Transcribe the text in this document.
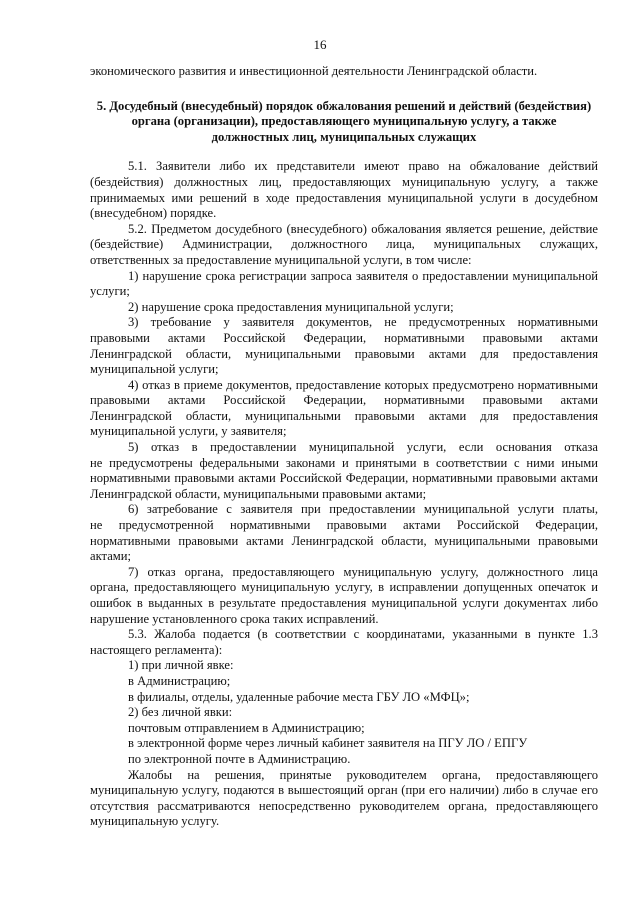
16
экономического развития и инвестиционной деятельности Ленинградской области.
5. Досудебный (внесудебный) порядок обжалования решений и действий (бездействия)
органа (организации), предоставляющего муниципальную услугу, а также
должностных лиц, муниципальных служащих
5.1. Заявители либо их представители имеют право на обжалование действий
(бездействия) должностных лиц, предоставляющих муниципальную услугу, а также
принимаемых ими решений в ходе предоставления муниципальной услуги в досудебном
(внесудебном) порядке.
5.2. Предметом досудебного (внесудебного) обжалования является решение, действие
(бездействие) Администрации, должностного лица, муниципальных служащих,
ответственных за предоставление муниципальной услуги, в том числе:
1) нарушение срока регистрации запроса заявителя о предоставлении муниципальной
услуги;
2) нарушение срока предоставления муниципальной услуги;
3) требование у заявителя документов, не предусмотренных нормативными
правовыми актами Российской Федерации, нормативными правовыми актами
Ленинградской области, муниципальными правовыми актами для предоставления
муниципальной услуги;
4) отказ в приеме документов, предоставление которых предусмотрено нормативными
правовыми актами Российской Федерации, нормативными правовыми актами
Ленинградской области, муниципальными правовыми актами для предоставления
муниципальной услуги, у заявителя;
5) отказ в предоставлении муниципальной услуги, если основания отказа
не предусмотрены федеральными законами и принятыми в соответствии с ними иными
нормативными правовыми актами Российской Федерации, нормативными правовыми актами
Ленинградской области, муниципальными правовыми актами;
6) затребование с заявителя при предоставлении муниципальной услуги платы,
не предусмотренной нормативными правовыми актами Российской Федерации,
нормативными правовыми актами Ленинградской области, муниципальными правовыми
актами;
7) отказ органа, предоставляющего муниципальную услугу, должностного лица
органа, предоставляющего муниципальную услугу, в исправлении допущенных опечаток и
ошибок в выданных в результате предоставления муниципальной услуги документах либо
нарушение установленного срока таких исправлений.
5.3. Жалоба подается (в соответствии с координатами, указанными в пункте 1.3
настоящего регламента):
1) при личной явке:
в Администрацию;
в филиалы, отделы, удаленные рабочие места ГБУ ЛО «МФЦ»;
2) без личной явки:
почтовым отправлением в Администрацию;
в электронной форме через личный кабинет заявителя на ПГУ ЛО / ЕПГУ
по электронной почте в Администрацию.
Жалобы на решения, принятые руководителем органа, предоставляющего
муниципальную услугу, подаются в вышестоящий орган (при его наличии) либо в случае его
отсутствия рассматриваются непосредственно руководителем органа, предоставляющего
муниципальную услугу.
